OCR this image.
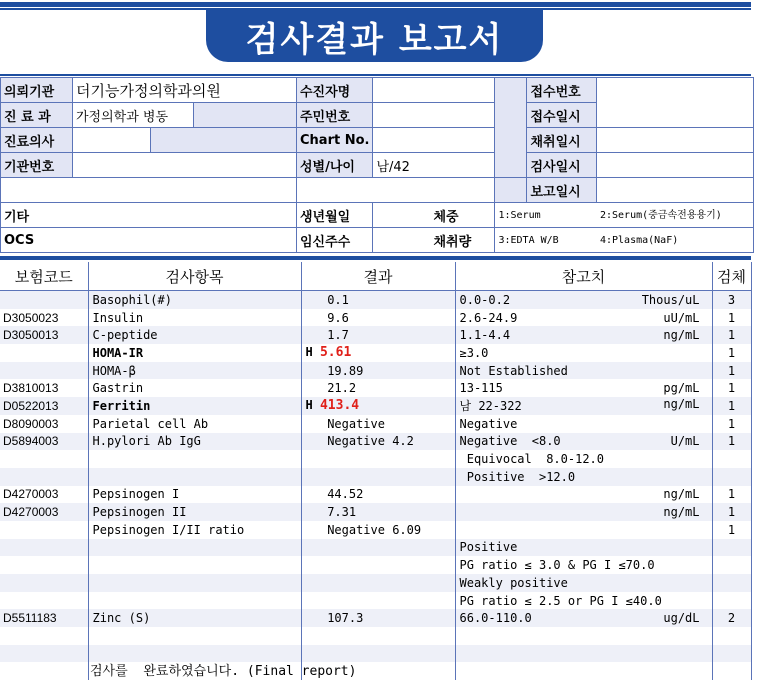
검사결과 보고서
의뢰기관	더기능가정의학과의원			수진자명			접수번호	
진 료 과	가정의학과 병동			주민번호			접수일시	
진료의사				Chart No.			채취일시	
기관번호				성별/나이	남/42		검사일시	
							보고일시	
기타				생년월일	체중	1:Serum		2:Serum(중금속전용용기)
OCS				임신주수	채취량	3:EDTA W/B		4:Plasma(NaF)
보험코드	검사항목	결과	참고치	검체
	Basophil(#)	0.1	0.0-0.2 Thous/uL	3
D3050023	Insulin	9.6	2.6-24.9 uU/mL	1
D3050013	C-peptide	1.7	1.1-4.4 ng/mL	1
	HOMA-IR	H 5.61	≥3.0	1
	HOMA-β	19.89	Not Established	1
D3810013	Gastrin	21.2	13-115 pg/mL	1
D0522013	Ferritin	H 413.4	남 22-322 ng/mL	1
D8090003	Parietal cell Ab	Negative	Negative	1
D5894003	H.pylori Ab IgG	Negative 4.2	Negative  <8.0 U/mL	1

			Equivocal  8.0-12.0	

			Positive  >12.0	

D4270003	Pepsinogen I	44.52	ng/mL	1
D4270003	Pepsinogen II	7.31	ng/mL	1
	Pepsinogen I/II ratio	Negative 6.09		1

			Positive	

			PG ratio ≤ 3.0 & PG I ≤70.0	

			Weakly positive	

			PG ratio ≤ 2.5 or PG I ≤40.0	

D5511183	Zinc (S)	107.3	66.0-110.0 ug/dL	2

검사를  완료하였습니다. (Final report)
